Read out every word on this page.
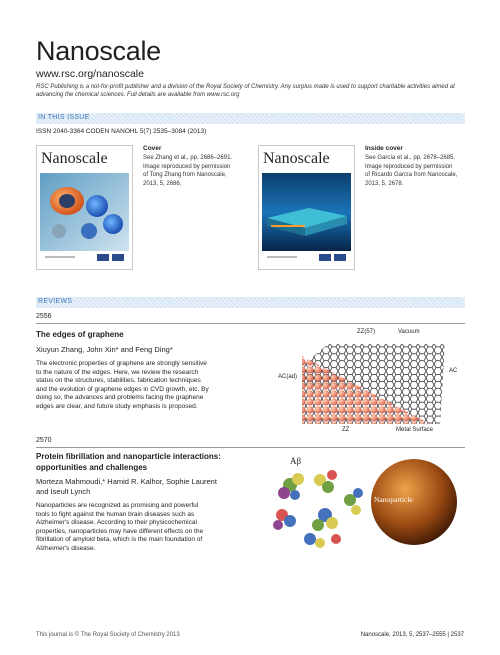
Nanoscale
www.rsc.org/nanoscale
RSC Publishing is a not-for-profit publisher and a division of the Royal Society of Chemistry. Any surplus made is used to support charitable activities aimed at advancing the chemical sciences. Full details are available from www.rsc.org
IN THIS ISSUE
ISSN 2040-3364 CODEN NANOHL 5(7) 2535–3084 (2013)
Nanoscale
Cover
See Zhang et al., pp. 2686–2691.
Image reproduced by permission
of Tong Zhang from Nanoscale,
2013, 5, 2686.
Nanoscale
Inside cover
See García et al., pp. 2678–2685.
Image reproduced by permission
of Ricardo García from Nanoscale,
2013, 5, 2678.
REVIEWS
2556
The edges of graphene
Xiuyun Zhang, John Xin* and Feng Ding*
The electronic properties of graphene are strongly sensitive
to the nature of the edges. Here, we review the research
status on the structures, stabilities, fabrication techniques
and the evolution of graphene edges in CVD growth, etc. By
doing so, the advances and problems facing the graphene
edges are clear, and future study emphasis is proposed.
ZZ(57)	Vacuum
AC(ad)
AC
ZZ	Metal Surface
2570
Protein fibrillation and nanoparticle interactions:
opportunities and challenges
Morteza Mahmoudi,* Hamid R. Kalhor, Sophie Laurent
and Iseult Lynch
Nanoparticles are recognized as promising and powerful
tools to fight against the human brain diseases such as
Alzheimer's disease. According to their physicochemical
properties, nanoparticles may have different effects on the
fibrillation of amyloid beta, which is the main foundation of
Alzheimer's disease.
Aβ
Nanoparticle
This journal is © The Royal Society of Chemistry 2013	Nanoscale, 2013, 5, 2537–2555 | 2537
